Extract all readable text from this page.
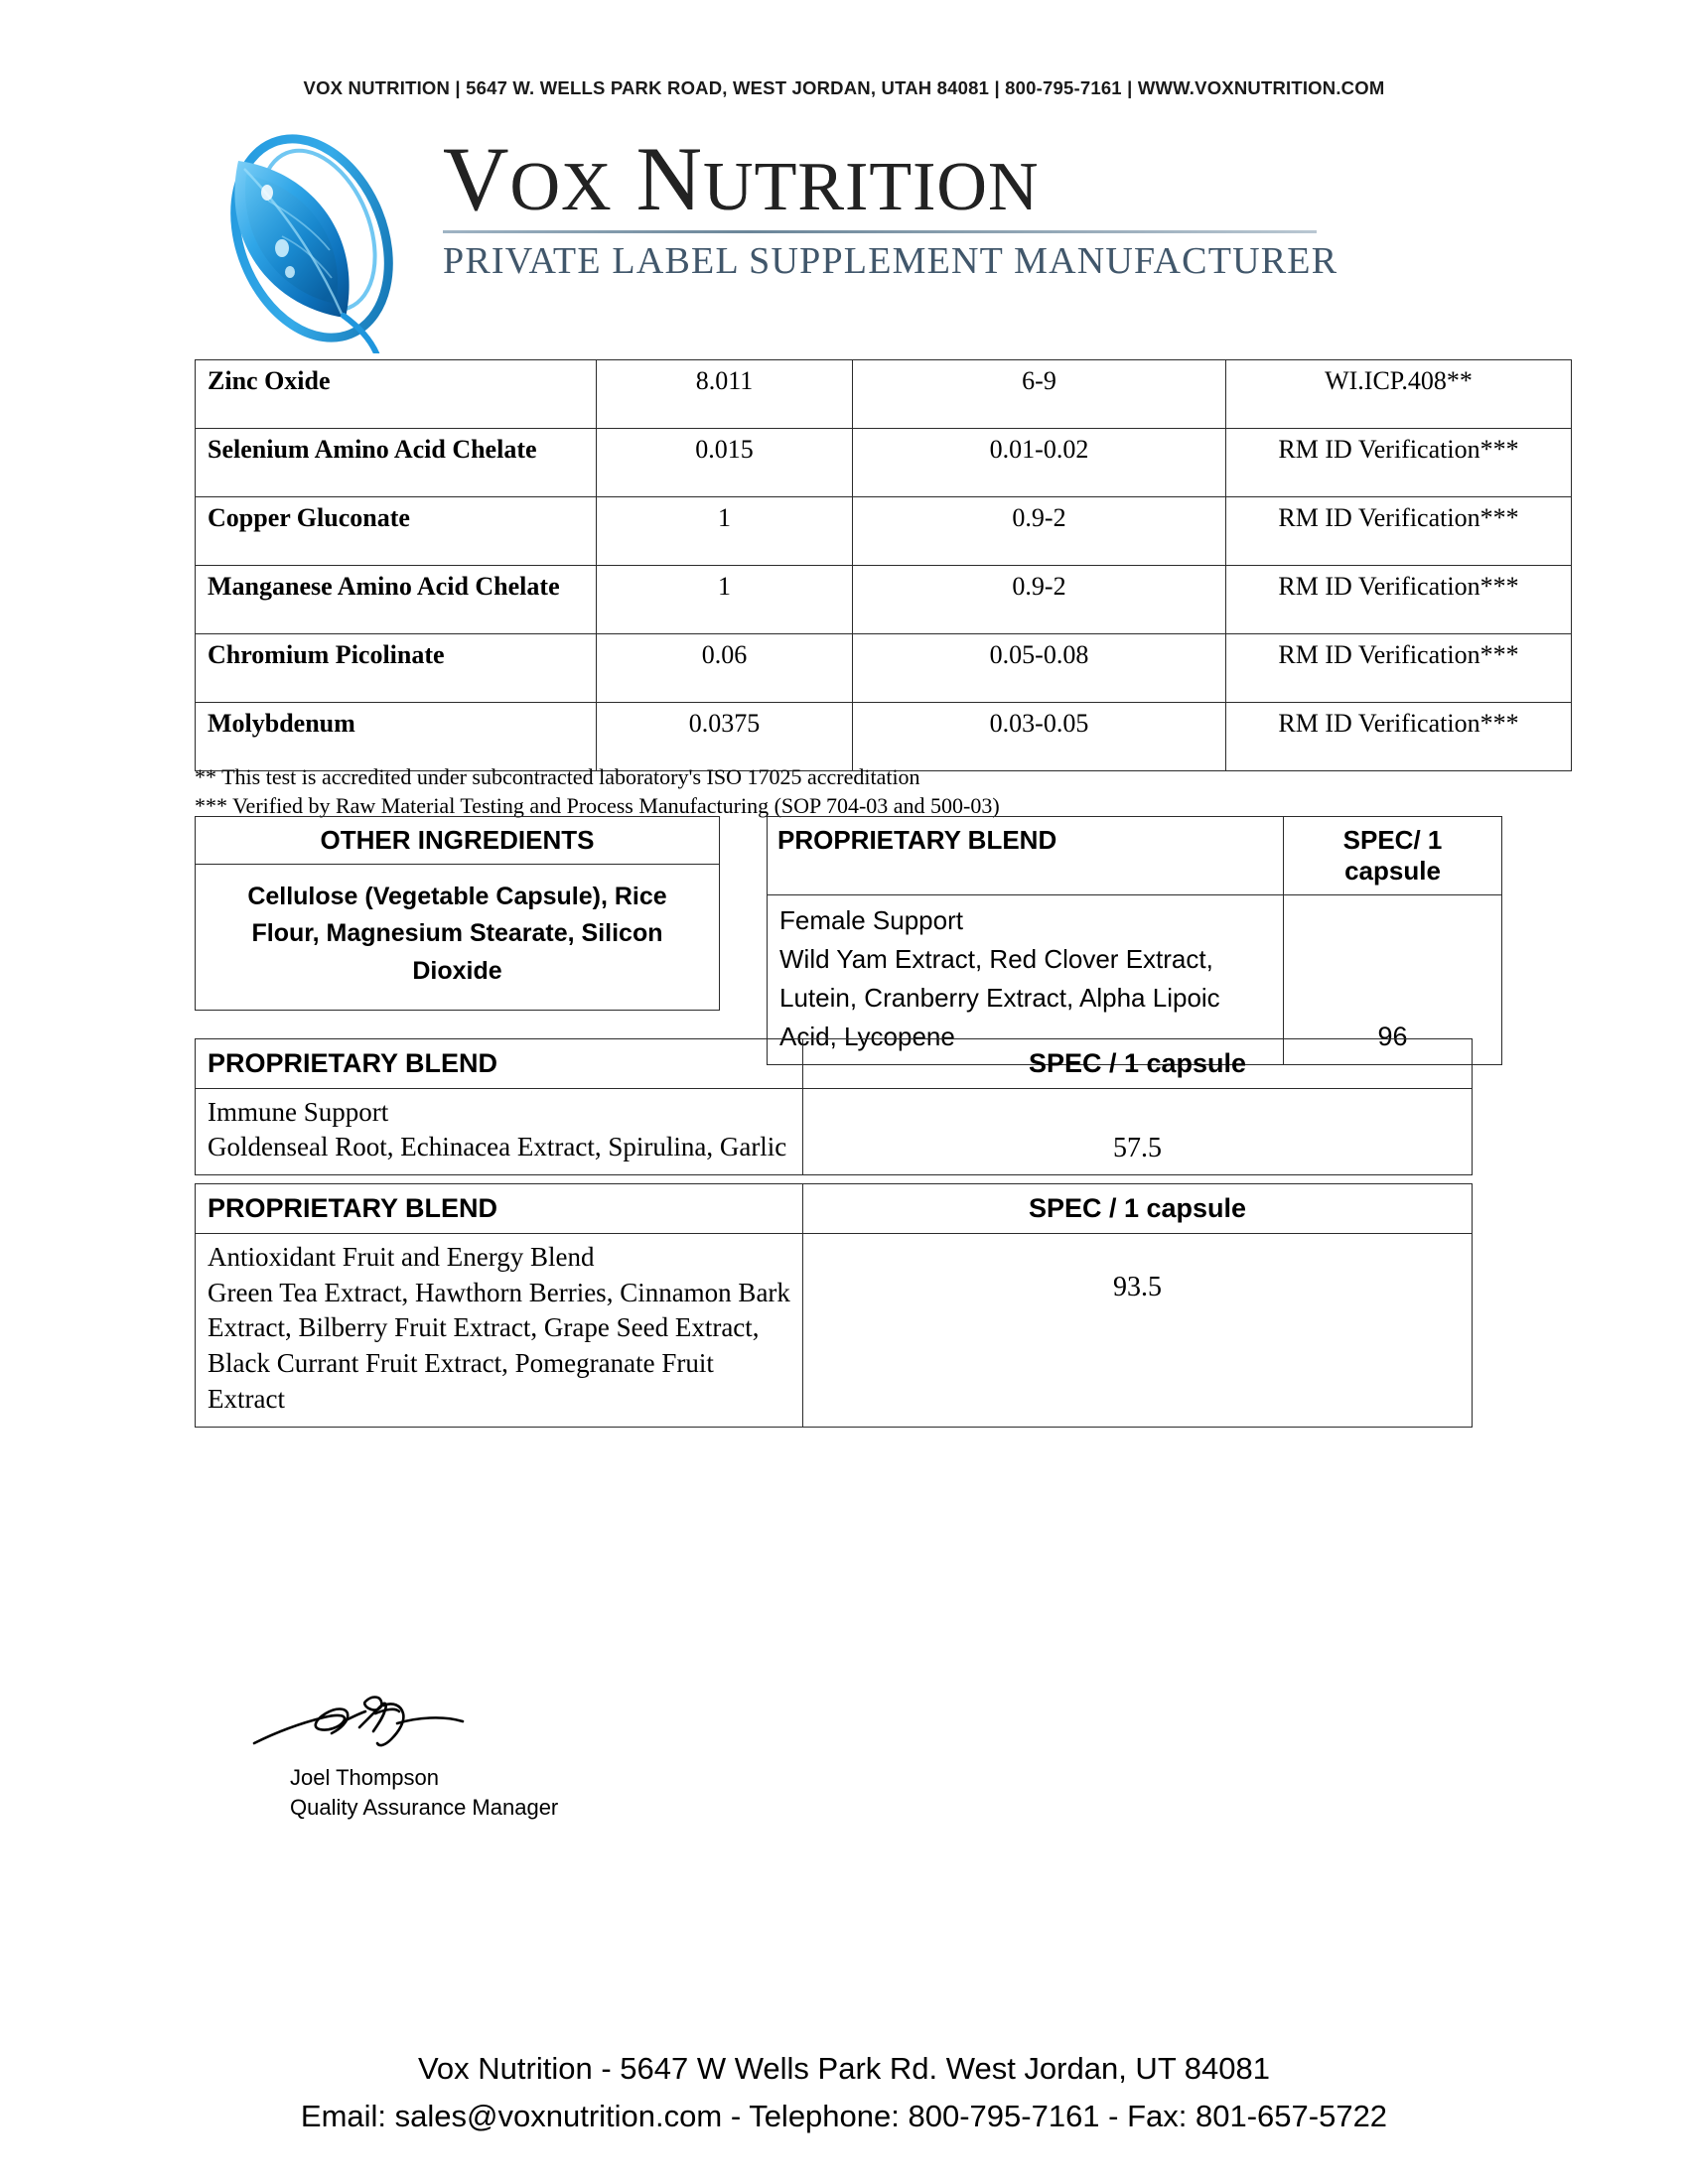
VOX NUTRITION | 5647 W. WELLS PARK ROAD, WEST JORDAN, UTAH 84081 | 800-795-7161 | WWW.VOXNUTRITION.COM
VOX NUTRITION
PRIVATE LABEL SUPPLEMENT MANUFACTURER
Zinc Oxide	8.011	6-9	WI.ICP.408**
Selenium Amino Acid Chelate	0.015	0.01-0.02	RM ID Verification***
Copper Gluconate	1	0.9-2	RM ID Verification***
Manganese Amino Acid Chelate	1	0.9-2	RM ID Verification***
Chromium Picolinate	0.06	0.05-0.08	RM ID Verification***
Molybdenum	0.0375	0.03-0.05	RM ID Verification***
** This test is accredited under subcontracted laboratory's ISO 17025 accreditation
*** Verified by Raw Material Testing and Process Manufacturing (SOP 704-03 and 500-03)
OTHER INGREDIENTS
Cellulose (Vegetable Capsule), Rice Flour, Magnesium Stearate, Silicon Dioxide
PROPRIETARY BLEND	SPEC/ 1 capsule

Female Support
Wild Yam Extract, Red Clover Extract, Lutein, Cranberry Extract, Alpha Lipoic Acid, Lycopene	96
PROPRIETARY BLEND	SPEC / 1 capsule

Immune Support
Goldenseal Root, Echinacea Extract, Spirulina, Garlic	57.5
PROPRIETARY BLEND	SPEC / 1 capsule

Antioxidant Fruit and Energy Blend
Green Tea Extract, Hawthorn Berries, Cinnamon Bark Extract, Bilberry Fruit Extract, Grape Seed Extract, Black Currant Fruit Extract, Pomegranate Fruit Extract	93.5
Joel Thompson
Quality Assurance Manager
Vox Nutrition - 5647 W Wells Park Rd. West Jordan, UT 84081
Email: sales@voxnutrition.com - Telephone: 800-795-7161 - Fax: 801-657-5722
